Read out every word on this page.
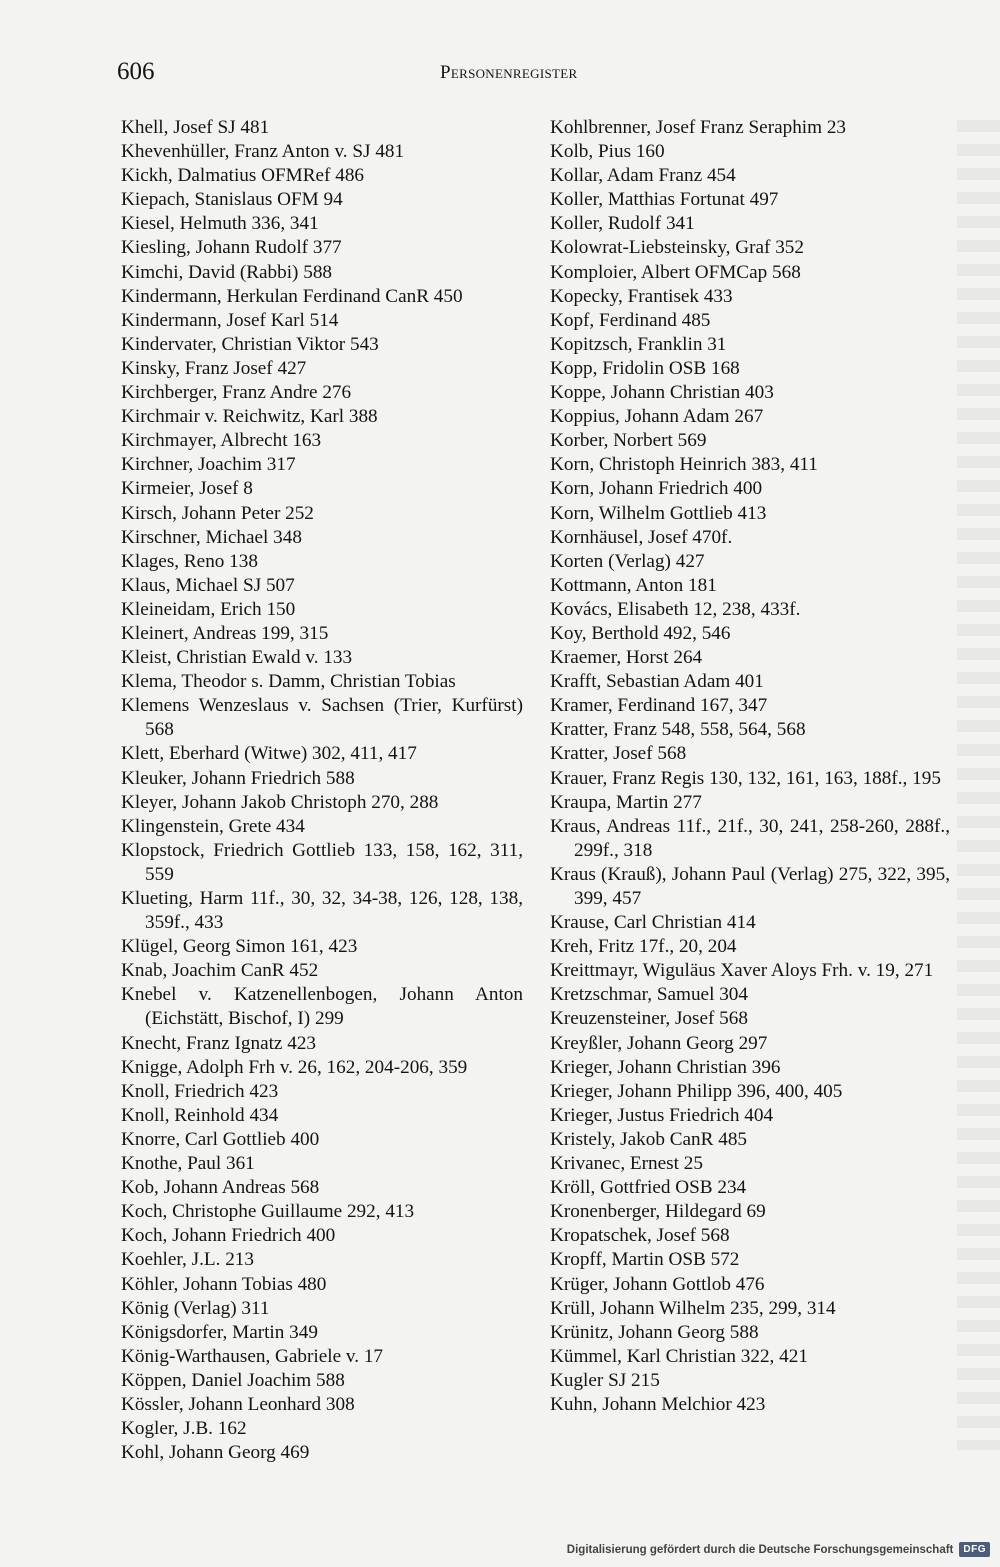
606	Personenregister
Khell, Josef SJ 481
Khevenhüller, Franz Anton v. SJ 481
Kickh, Dalmatius OFMRef 486
Kiepach, Stanislaus OFM 94
Kiesel, Helmuth 336, 341
Kiesling, Johann Rudolf 377
Kimchi, David (Rabbi) 588
Kindermann, Herkulan Ferdinand CanR 450
Kindermann, Josef Karl 514
Kindervater, Christian Viktor 543
Kinsky, Franz Josef 427
Kirchberger, Franz Andre 276
Kirchmair v. Reichwitz, Karl 388
Kirchmayer, Albrecht 163
Kirchner, Joachim 317
Kirmeier, Josef 8
Kirsch, Johann Peter 252
Kirschner, Michael 348
Klages, Reno 138
Klaus, Michael SJ 507
Kleineidam, Erich 150
Kleinert, Andreas 199, 315
Kleist, Christian Ewald v. 133
Klema, Theodor s. Damm, Christian Tobias
Klemens Wenzeslaus v. Sachsen (Trier, Kurfürst) 568
Klett, Eberhard (Witwe) 302, 411, 417
Kleuker, Johann Friedrich 588
Kleyer, Johann Jakob Christoph 270, 288
Klingenstein, Grete 434
Klopstock, Friedrich Gottlieb 133, 158, 162, 311, 559
Klueting, Harm 11f., 30, 32, 34-38, 126, 128, 138, 359f., 433
Klügel, Georg Simon 161, 423
Knab, Joachim CanR 452
Knebel v. Katzenellenbogen, Johann Anton (Eichstätt, Bischof, I) 299
Knecht, Franz Ignatz 423
Knigge, Adolph Frh v. 26, 162, 204-206, 359
Knoll, Friedrich 423
Knoll, Reinhold 434
Knorre, Carl Gottlieb 400
Knothe, Paul 361
Kob, Johann Andreas 568
Koch, Christophe Guillaume 292, 413
Koch, Johann Friedrich 400
Koehler, J.L. 213
Köhler, Johann Tobias 480
König (Verlag) 311
Königsdorfer, Martin 349
König-Warthausen, Gabriele v. 17
Köppen, Daniel Joachim 588
Kössler, Johann Leonhard 308
Kogler, J.B. 162
Kohl, Johann Georg 469
Kohlbrenner, Josef Franz Seraphim 23
Kolb, Pius 160
Kollar, Adam Franz 454
Koller, Matthias Fortunat 497
Koller, Rudolf 341
Kolowrat-Liebsteinsky, Graf 352
Komploier, Albert OFMCap 568
Kopecky, Frantisek 433
Kopf, Ferdinand 485
Kopitzsch, Franklin 31
Kopp, Fridolin OSB 168
Koppe, Johann Christian 403
Koppius, Johann Adam 267
Korber, Norbert 569
Korn, Christoph Heinrich 383, 411
Korn, Johann Friedrich 400
Korn, Wilhelm Gottlieb 413
Kornhäusel, Josef 470f.
Korten (Verlag) 427
Kottmann, Anton 181
Kovács, Elisabeth 12, 238, 433f.
Koy, Berthold 492, 546
Kraemer, Horst 264
Krafft, Sebastian Adam 401
Kramer, Ferdinand 167, 347
Kratter, Franz 548, 558, 564, 568
Kratter, Josef 568
Krauer, Franz Regis 130, 132, 161, 163, 188f., 195
Kraupa, Martin 277
Kraus, Andreas 11f., 21f., 30, 241, 258-260, 288f., 299f., 318
Kraus (Krauß), Johann Paul (Verlag) 275, 322, 395, 399, 457
Krause, Carl Christian 414
Kreh, Fritz 17f., 20, 204
Kreittmayr, Wiguläus Xaver Aloys Frh. v. 19, 271
Kretzschmar, Samuel 304
Kreuzensteiner, Josef 568
Kreyßler, Johann Georg 297
Krieger, Johann Christian 396
Krieger, Johann Philipp 396, 400, 405
Krieger, Justus Friedrich 404
Kristely, Jakob CanR 485
Krivanec, Ernest 25
Kröll, Gottfried OSB 234
Kronenberger, Hildegard 69
Kropatschek, Josef 568
Kropff, Martin OSB 572
Krüger, Johann Gottlob 476
Krüll, Johann Wilhelm 235, 299, 314
Krünitz, Johann Georg 588
Kümmel, Karl Christian 322, 421
Kugler SJ 215
Kuhn, Johann Melchior 423
Digitalisierung gefördert durch die Deutsche Forschungsgemeinschaft	DFG
